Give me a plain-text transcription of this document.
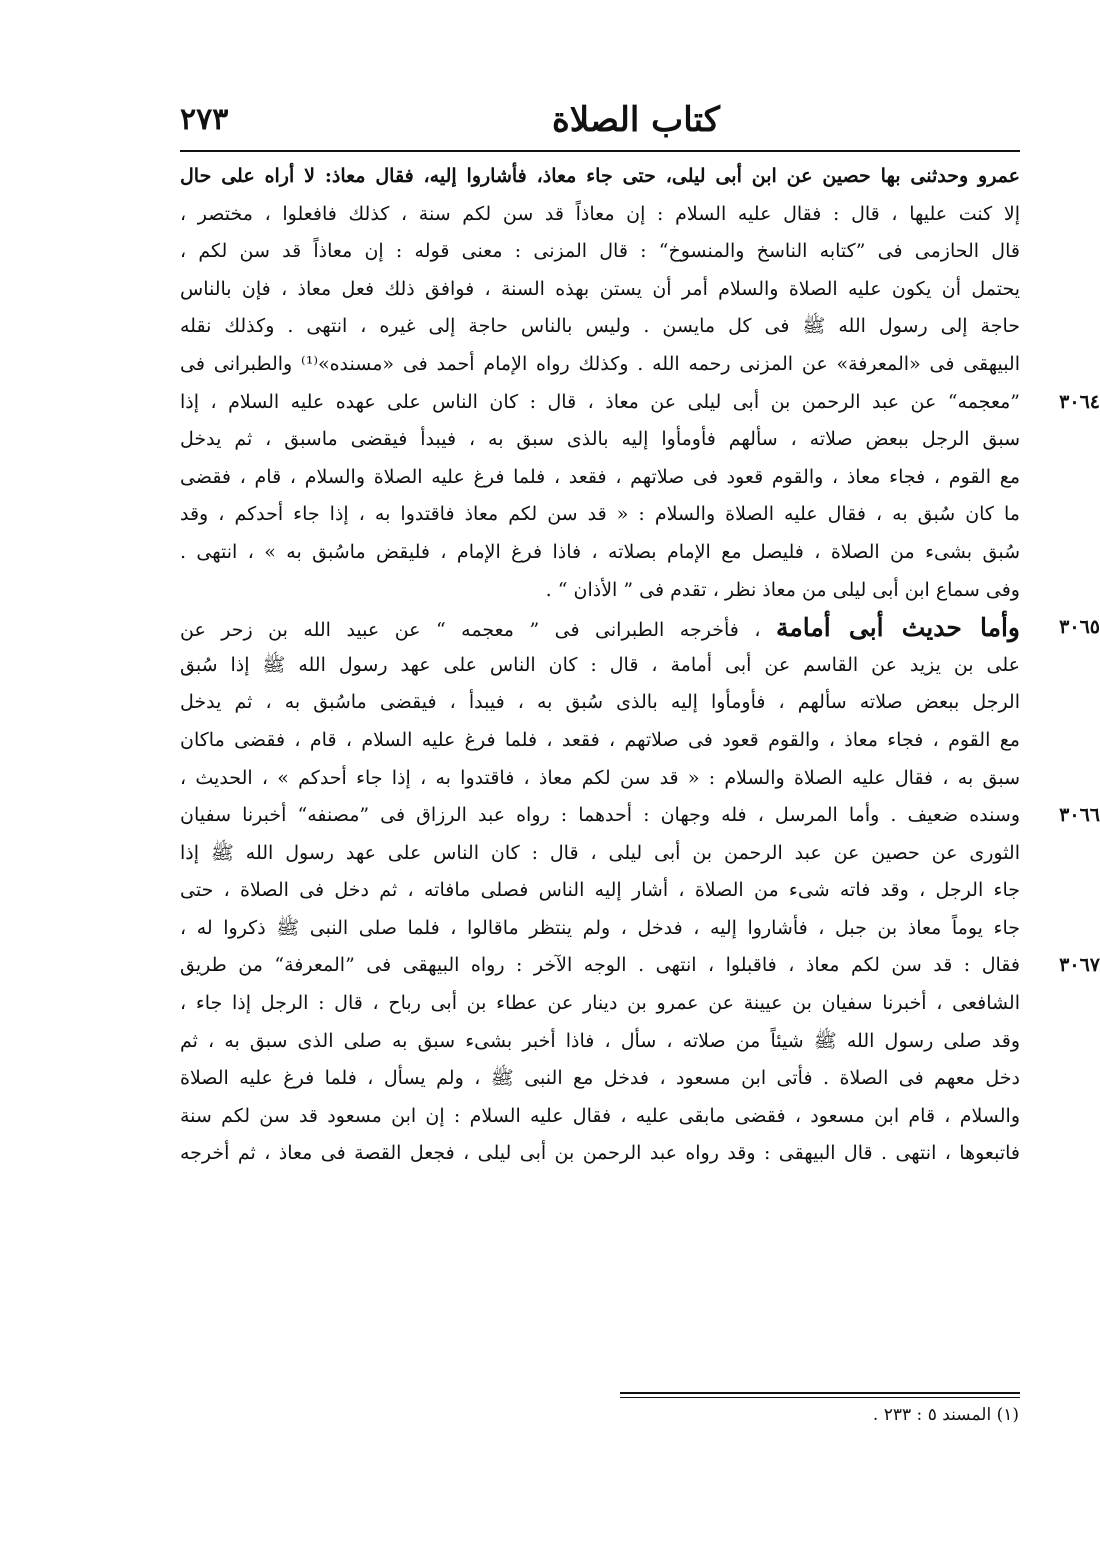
كتاب الصلاة
٢٧٣
عمرو وحدثنى بها حصين عن ابن أبى ليلى، حتى جاء معاذ، فأشاروا إليه، فقال معاذ: لا أراه على حال
إلا كنت عليها ، قال : فقال عليه السلام : إن معاذاً قد سن لكم سنة ، كذلك فافعلوا ، مختصر ،
قال الحازمى فى ”كتابه الناسخ والمنسوخ“ : قال المزنى : معنى قوله : إن معاذاً قد سن لكم ،
يحتمل أن يكون عليه الصلاة والسلام أمر أن يستن بهذه السنة ، فوافق ذلك فعل معاذ ، فإن بالناس
حاجة إلى رسول الله ﷺ فى كل مايسن . وليس بالناس حاجة إلى غيره ، انتهى . وكذلك نقله
البيهقى فى «المعرفة» عن المزنى رحمه الله . وكذلك رواه الإمام أحمد فى «مسنده»⁽¹⁾ والطبرانى فى
٣٠٦٤
”معجمه“ عن عبد الرحمن بن أبى ليلى عن معاذ ، قال : كان الناس على عهده عليه السلام ، إذا
سبق الرجل ببعض صلاته ، سألهم فأومأوا إليه بالذى سبق به ، فيبدأ فيقضى ماسبق ، ثم يدخل
مع القوم ، فجاء معاذ ، والقوم قعود فى صلاتهم ، فقعد ، فلما فرغ عليه الصلاة والسلام ، قام ، فقضى
ما كان سُبق به ، فقال عليه الصلاة والسلام : « قد سن لكم معاذ فاقتدوا به ، إذا جاء أحدكم ، وقد
سُبق بشىء من الصلاة ، فليصل مع الإمام بصلاته ، فاذا فرغ الإمام ، فليقض ماسُبق به » ، انتهى .
وفى سماع ابن أبى ليلى من معاذ نظر ، تقدم فى ” الأذان “ .
٣٠٦٥
وأما حديث أبى أمامة ، فأخرجه الطبرانى فى ” معجمه “ عن عبيد الله بن زحر عن
على بن يزيد عن القاسم عن أبى أمامة ، قال : كان الناس على عهد رسول الله ﷺ إذا سُبق
الرجل ببعض صلاته سألهم ، فأومأوا إليه بالذى سُبق به ، فيبدأ ، فيقضى ماسُبق به ، ثم يدخل
مع القوم ، فجاء معاذ ، والقوم قعود فى صلاتهم ، فقعد ، فلما فرغ عليه السلام ، قام ، فقضى ماكان
سبق به ، فقال عليه الصلاة والسلام : « قد سن لكم معاذ ، فاقتدوا به ، إذا جاء أحدكم » ، الحديث ،
٣٠٦٦
وسنده ضعيف . وأما المرسل ، فله وجهان : أحدهما : رواه عبد الرزاق فى ”مصنفه“ أخبرنا سفيان
الثورى عن حصين عن عبد الرحمن بن أبى ليلى ، قال : كان الناس على عهد رسول الله ﷺ إذا
جاء الرجل ، وقد فاته شىء من الصلاة ، أشار إليه الناس فصلى مافاته ، ثم دخل فى الصلاة ، حتى
جاء يوماً معاذ بن جبل ، فأشاروا إليه ، فدخل ، ولم ينتظر ماقالوا ، فلما صلى النبى ﷺ ذكروا له ،
٣٠٦٧
فقال : قد سن لكم معاذ ، فاقبلوا ، انتهى . الوجه الآخر : رواه البيهقى فى ”المعرفة“ من طريق
الشافعى ، أخبرنا سفيان بن عيينة عن عمرو بن دينار عن عطاء بن أبى رباح ، قال : الرجل إذا جاء ،
وقد صلى رسول الله ﷺ شيئاً من صلاته ، سأل ، فاذا أخبر بشىء سبق به صلى الذى سبق به ، ثم
دخل معهم فى الصلاة . فأتى ابن مسعود ، فدخل مع النبى ﷺ ، ولم يسأل ، فلما فرغ عليه الصلاة
والسلام ، قام ابن مسعود ، فقضى مابقى عليه ، فقال عليه السلام : إن ابن مسعود قد سن لكم سنة
فاتبعوها ، انتهى . قال البيهقى : وقد رواه عبد الرحمن بن أبى ليلى ، فجعل القصة فى معاذ ، ثم أخرجه
(١) المسند ٥ : ٢٣٣ .
